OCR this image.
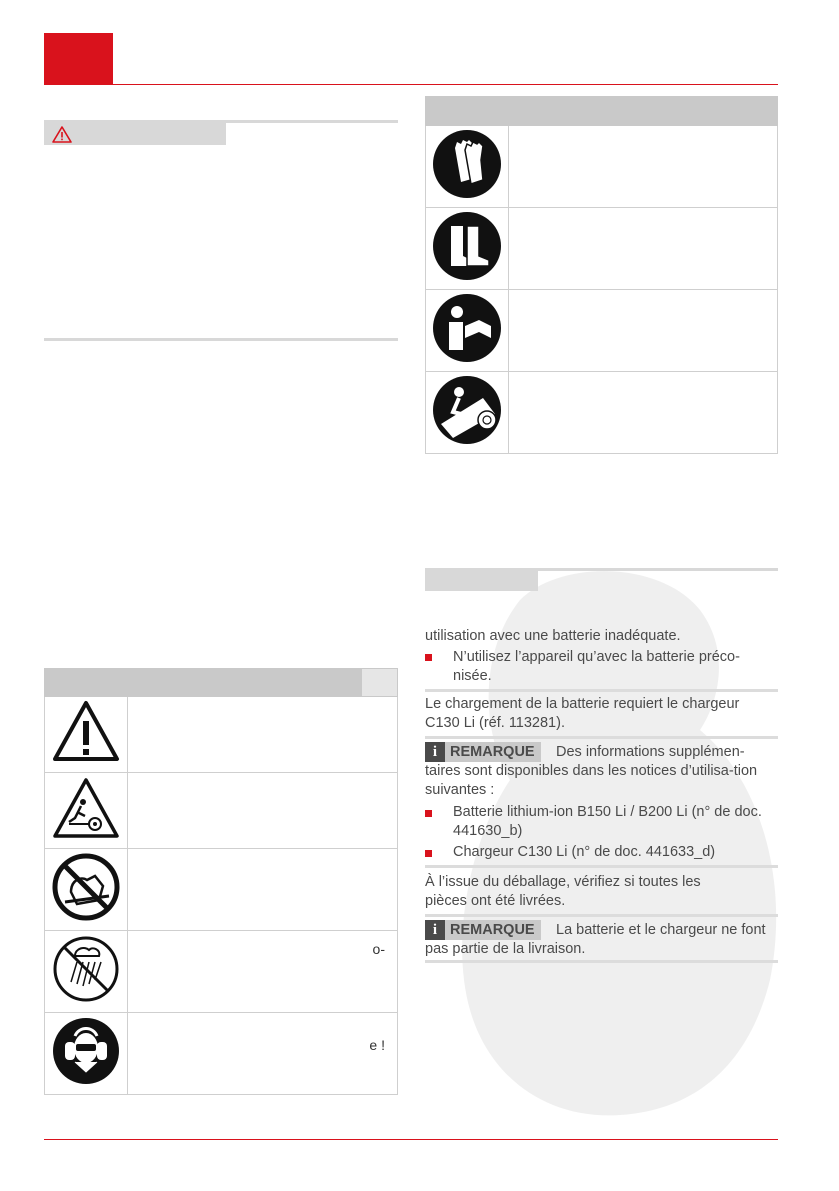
	o-	
	e !	

utilisation avec une batterie inadéquate.
N’utilisez l’appareil qu’avec la batterie préco-
nisée.
Le chargement de la batterie requiert le chargeur C130 Li (réf. 113281).
i REMARQUE	Des informations supplémen-taires sont disponibles dans les notices d’utilisa-tion suivantes :
Batterie lithium-ion B150 Li / B200 Li (n° de doc. 441630_b)
Chargeur C130 Li (n° de doc. 441633_d)
À l’issue du déballage, vérifiez si toutes les pièces ont été livrées.
i REMARQUE	La batterie et le chargeur ne font pas partie de la livraison.
